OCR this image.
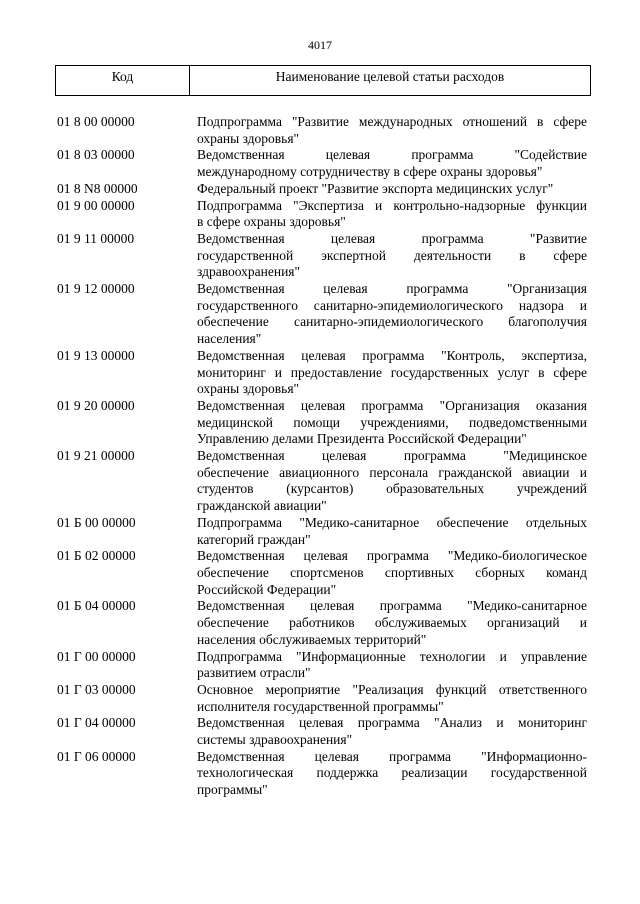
4017
Код	Наименование целевой статьи расходов
01 8 00 00000	Подпрограмма "Развитие международных отношений в сфере
охраны здоровья"
01 8 03 00000	Ведомственная целевая программа "Содействие
международному сотрудничеству в сфере охраны здоровья"
01 8 N8 00000	Федеральный проект "Развитие экспорта медицинских услуг"
01 9 00 00000	Подпрограмма "Экспертиза и контрольно-надзорные функции
в сфере охраны здоровья"
01 9 11 00000	Ведомственная целевая программа "Развитие
государственной экспертной деятельности в сфере
здравоохранения"
01 9 12 00000	Ведомственная целевая программа "Организация
государственного санитарно-эпидемиологического надзора и
обеспечение санитарно-эпидемиологического благополучия
населения"
01 9 13 00000	Ведомственная целевая программа "Контроль, экспертиза,
мониторинг и предоставление государственных услуг в сфере
охраны здоровья"
01 9 20 00000	Ведомственная целевая программа "Организация оказания
медицинской помощи учреждениями, подведомственными
Управлению делами Президента Российской Федерации"
01 9 21 00000	Ведомственная целевая программа "Медицинское
обеспечение авиационного персонала гражданской авиации и
студентов (курсантов) образовательных учреждений
гражданской авиации"
01 Б 00 00000	Подпрограмма "Медико-санитарное обеспечение отдельных
категорий граждан"
01 Б 02 00000	Ведомственная целевая программа "Медико-биологическое
обеспечение спортсменов спортивных сборных команд
Российской Федерации"
01 Б 04 00000	Ведомственная целевая программа "Медико-санитарное
обеспечение работников обслуживаемых организаций и
населения обслуживаемых территорий"
01 Г 00 00000	Подпрограмма "Информационные технологии и управление
развитием отрасли"
01 Г 03 00000	Основное мероприятие "Реализация функций ответственного
исполнителя государственной программы"
01 Г 04 00000	Ведомственная целевая программа "Анализ и мониторинг
системы здравоохранения"
01 Г 06 00000	Ведомственная целевая программа "Информационно-
технологическая поддержка реализации государственной
программы"
